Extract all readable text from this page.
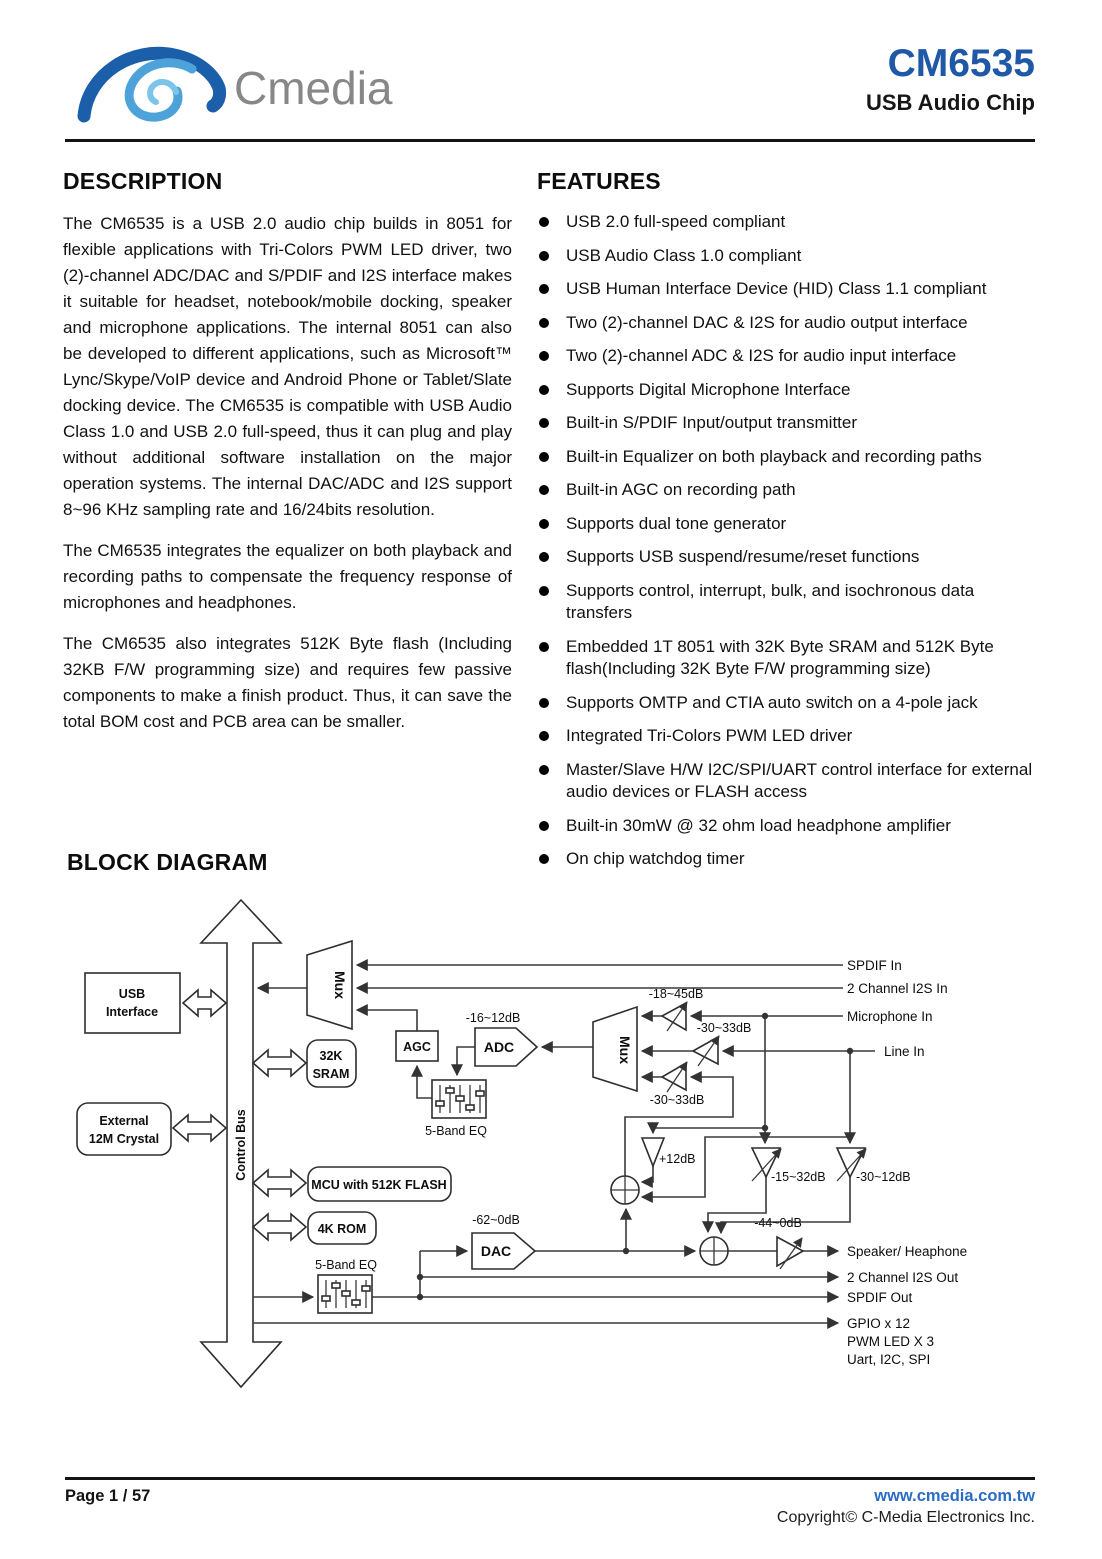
Cmedia	CM6535
USB Audio Chip
DESCRIPTION

The CM6535 is a USB 2.0 audio chip builds in 8051 for flexible applications with Tri-Colors PWM LED driver, two (2)-channel ADC/DAC and S/PDIF and I2S interface makes it suitable for headset, notebook/mobile docking, speaker and microphone applications. The internal 8051 can also be developed to different applications, such as Microsoft™ Lync/Skype/VoIP device and Android Phone or Tablet/Slate docking device. The CM6535 is compatible with USB Audio Class 1.0 and USB 2.0 full-speed, thus it can plug and play without additional software installation on the major operation systems. The internal DAC/ADC and I2S support 8~96 KHz sampling rate and 16/24bits resolution.

The CM6535 integrates the equalizer on both playback and recording paths to compensate the frequency response of microphones and headphones.

The CM6535 also integrates 512K Byte flash (Including 32KB F/W programming size) and requires few passive components to make a finish product. Thus, it can save the total BOM cost and PCB area can be smaller.

FEATURES
USB 2.0 full-speed compliant
USB Audio Class 1.0 compliant
USB Human Interface Device (HID) Class 1.1 compliant
Two (2)-channel DAC & I2S for audio output interface
Two (2)-channel ADC & I2S for audio input interface
Supports Digital Microphone Interface
Built-in S/PDIF Input/output transmitter
Built-in Equalizer on both playback and recording paths
Built-in AGC on recording path
Supports dual tone generator
Supports USB suspend/resume/reset functions
Supports control, interrupt, bulk, and isochronous data transfers
Embedded 1T 8051 with 32K Byte SRAM and 512K Byte flash(Including 32K Byte F/W programming size)
Supports OMTP and CTIA auto switch on a 4-pole jack
Integrated Tri-Colors PWM LED driver
Master/Slave H/W I2C/SPI/UART control interface for external audio devices or FLASH access
Built-in 30mW @ 32 ohm load headphone amplifier
On chip watchdog timer
BLOCK DIAGRAM
Control Bus
USB
Interface
External
12M Crystal
32K
SRAM
MCU with 512K FLASH
4K ROM
AGC	ADC
DAC
Mux
Mux
5-Band EQ
5-Band EQ
-18~45dB
-30~33dB
-30~33dB
+12dB
-15~32dB -30~12dB
-44~0dB
-16~12dB
-62~0dB
SPDIF In
2 Channel I2S In
Microphone In
Line In
Speaker/ Heaphone
2 Channel I2S Out
SPDIF Out
GPIO x 12
PWM LED X 3
Uart, I2C, SPI
Page 1 / 57	www.cmedia.com.tw
Copyright© C-Media Electronics Inc.
